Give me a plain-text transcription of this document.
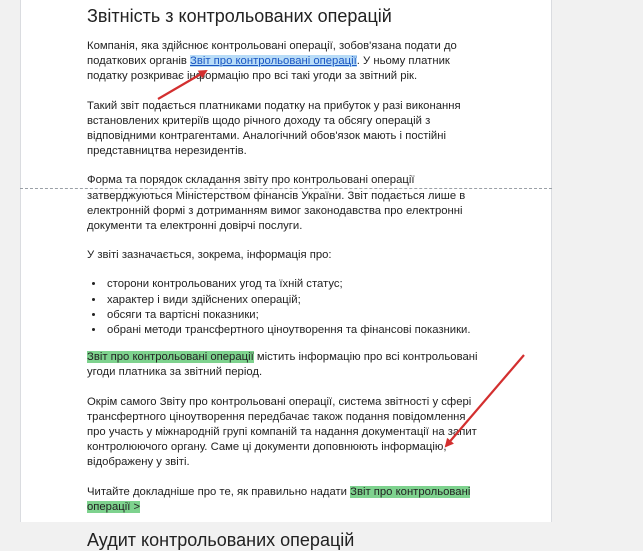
Звітність з контрольованих операцій

Компанія, яка здійснює контрольовані операції, зобов'язана подати до податкових органів Звіт про контрольовані операції. У ньому платник податку розкриває інформацію про всі такі угоди за звітний рік.

Такий звіт подається платниками податку на прибуток у разі виконання встановлених критеріїв щодо річного доходу та обсягу операцій з відповідними контрагентами. Аналогічний обов'язок мають і постійні представництва нерезидентів.

Форма та порядок складання звіту про контрольовані операції затверджуються Міністерством фінансів України. Звіт подається лише в електронній формі з дотриманням вимог законодавства про електронні документи та електронні довірчі послуги.

У звіті зазначається, зокрема, інформація про:

• сторони контрольованих угод та їхній статус;
• характер і види здійснених операцій;
• обсяги та вартісні показники;
• обрані методи трансфертного ціноутворення та фінансові показники.

Звіт про контрольовані операції містить інформацію про всі контрольовані угоди платника за звітний період.

Окрім самого Звіту про контрольовані операції, система звітності у сфері трансфертного ціноутворення передбачає також подання повідомлення про участь у міжнародній групі компаній та надання документації на запит контролюючого органу. Саме ці документи доповнюють інформацію, відображену у звіті.

Читайте докладніше про те, як правильно надати Звіт про контрольовані операції >

Аудит контрольованих операцій
